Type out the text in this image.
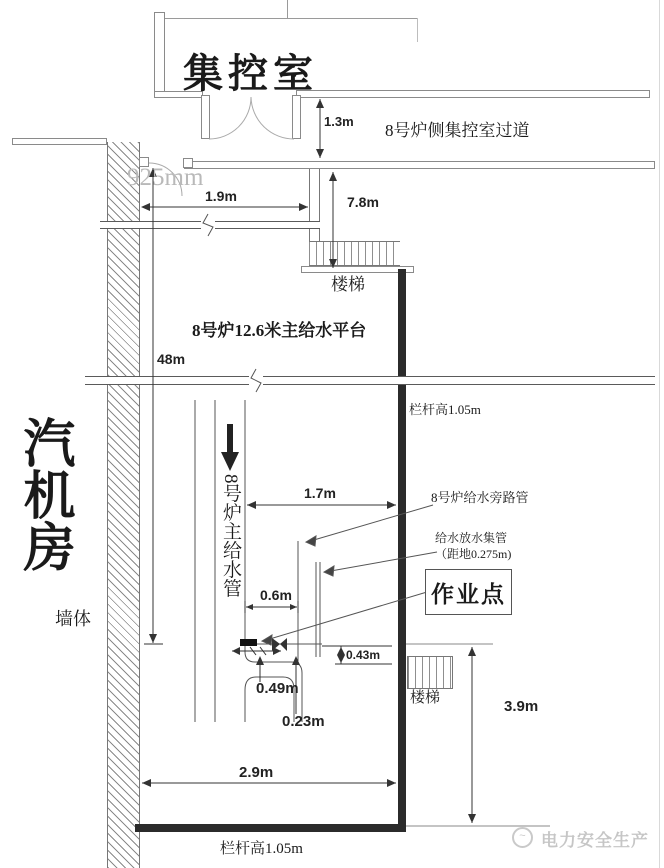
集控室
8号炉侧集控室过道
1.3m
925mm
1.9m	7.8m
楼梯
8号炉12.6米主给水平台
48m
栏杆高1.05m
汽机房	8号炉主给水管	1.7m	8号炉给水旁路管
给水放水集管
（距地0.275m)
作业点
0.6m
墙体
0.43m
楼梯
0.49m
3.9m
0.23m
2.9m
栏杆高1.05m
~ 电力安全生产
